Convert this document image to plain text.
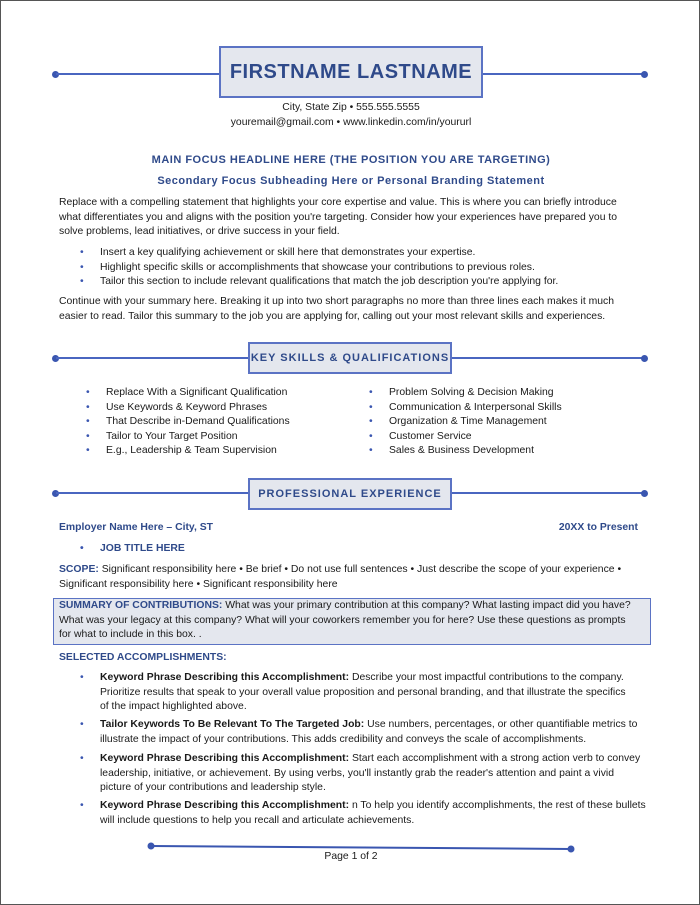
FIRSTNAME LASTNAME
City, State Zip • 555.555.5555
youremail@gmail.com • www.linkedin.com/in/yoururl
MAIN FOCUS HEADLINE HERE (THE POSITION YOU ARE TARGETING)
Secondary Focus Subheading Here or Personal Branding Statement
Replace with a compelling statement that highlights your core expertise and value. This is where you can briefly introduce
what differentiates you and aligns with the position you're targeting. Consider how your experiences have prepared you to
solve problems, lead initiatives, or drive success in your field.
• Insert a key qualifying achievement or skill here that demonstrates your expertise.
• Highlight specific skills or accomplishments that showcase your contributions to previous roles.
• Tailor this section to include relevant qualifications that match the job description you're applying for.
Continue with your summary here. Breaking it up into two short paragraphs no more than three lines each makes it much
easier to read. Tailor this summary to the job you are applying for, calling out your most relevant skills and experiences.
KEY SKILLS & QUALIFICATIONS
PROFESSIONAL EXPERIENCE
Employer Name Here – City, ST	20XX to Present
• JOB TITLE HERE
SCOPE: Significant responsibility here • Be brief • Do not use full sentences • Just describe the scope of your experience •
Significant responsibility here • Significant responsibility here
SUMMARY OF CONTRIBUTIONS: What was your primary contribution at this company? What lasting impact did you have?
What was your legacy at this company? What will your coworkers remember you for here? Use these questions as prompts
for what to include in this box. .
SELECTED ACCOMPLISHMENTS:
Page 1 of 2
• Replace With a Significant Qualification
• Use Keywords & Keyword Phrases
• That Describe in-Demand Qualifications
• Tailor to Your Target Position
• E.g., Leadership & Team Supervision
• Problem Solving & Decision Making
• Communication & Interpersonal Skills
• Organization & Time Management
• Customer Service
• Sales & Business Development
• Keyword Phrase Describing this Accomplishment: Describe your most impactful contributions to the company.
Prioritize results that speak to your overall value proposition and personal branding, and that illustrate the specifics
of the impact highlighted above.
• Tailor Keywords To Be Relevant To The Targeted Job: Use numbers, percentages, or other quantifiable metrics to
illustrate the impact of your contributions. This adds credibility and conveys the scale of accomplishments.
• Keyword Phrase Describing this Accomplishment: Start each accomplishment with a strong action verb to convey
leadership, initiative, or achievement. By using verbs, you'll instantly grab the reader's attention and paint a vivid
picture of your contributions and leadership style.
• Keyword Phrase Describing this Accomplishment: n To help you identify accomplishments, the rest of these bullets
will include questions to help you recall and articulate achievements.
